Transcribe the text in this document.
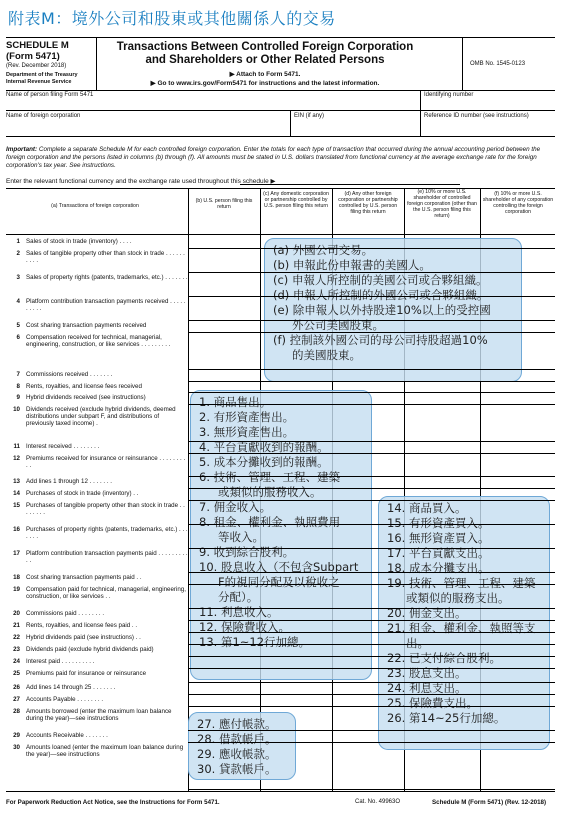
附表M：境外公司和股東或其他關係人的交易
SCHEDULE M
(Form 5471)
(Rev. December 2018)
Department of the Treasury
Internal Revenue Service
Transactions Between Controlled Foreign Corporation
and Shareholders or Other Related Persons
▶ Attach to Form 5471.
▶ Go to www.irs.gov/Form5471 for instructions and the latest information.
OMB No. 1545-0123
Name of person filing Form 5471	Identifying number
Name of foreign corporation	EIN (if any)	Reference ID number (see instructions)
Important: Complete a separate Schedule M for each controlled foreign corporation. Enter the totals for each type of transaction that occurred during the annual accounting period between the foreign corporation and the persons listed in columns (b) through (f). All amounts must be stated in U.S. dollars translated from functional currency at the average exchange rate for the foreign corporation's tax year. See instructions.
Enter the relevant functional currency and the exchange rate used throughout this schedule ▶
(a) Transactions of foreign corporation
(b) U.S. person filing this return
(c) Any domestic corporation or partnership controlled by U.S. person filing this return
(d) Any other foreign corporation or partnership controlled by U.S. person filing this return
(e) 10% or more U.S. shareholder of controlled foreign corporation (other than the U.S. person filing this return)
(f) 10% or more U.S. shareholder of any corporation controlling the foreign corporation
1 Sales of stock in trade (inventory) . . . .
2 Sales of tangible property other than stock in trade . . . . . . . . . .
3 Sales of property rights (patents, trademarks, etc.) . . . . . . .
4 Platform contribution transaction payments received . . . . . . . . . .
5 Cost sharing transaction payments received
6 Compensation received for technical, managerial, engineering, construction, or like services . . . . . . . . .
7 Commissions received . . . . . . .
8 Rents, royalties, and license fees received
9 Hybrid dividends received (see instructions)
10 Dividends received (exclude hybrid dividends, deemed distributions under subpart F, and distributions of previously taxed income) .
11 Interest received . . . . . . . .
12 Premiums received for insurance or reinsurance . . . . . . . . . .
13 Add lines 1 through 12 . . . . . . .
14 Purchases of stock in trade (inventory) . .
15 Purchases of tangible property other than stock in trade . . . . . . . .
16 Purchases of property rights (patents, trademarks, etc.) . . . . . . .
17 Platform contribution transaction payments paid . . . . . . . . . . .
18 Cost sharing transaction payments paid . .
19 Compensation paid for technical, managerial, engineering, construction, or like services . .
20 Commissions paid . . . . . . . .
21 Rents, royalties, and license fees paid . .
22 Hybrid dividends paid (see instructions) . .
23 Dividends paid (exclude hybrid dividends paid)
24 Interest paid . . . . . . . . . .
25 Premiums paid for insurance or reinsurance
26 Add lines 14 through 25 . . . . . . .
27 Accounts Payable . . . . . . . .
28 Amounts borrowed (enter the maximum loan balance during the year)—see instructions
29 Accounts Receivable . . . . . . .
30 Amounts loaned (enter the maximum loan balance during the year)—see instructions
For Paperwork Reduction Act Notice, see the Instructions for Form 5471.	Cat. No. 49963O	Schedule M (Form 5471) (Rev. 12-2018)
(a) 外國公司交易。
(b) 申報此份申報書的美國人。
(c) 申報人所控制的美國公司或合夥組織。
(d) 申報人所控制的外國公司或合夥組織。
(e) 除申報人以外持股達10%以上的受控國
外公司美國股東。
(f) 控制該外國公司的母公司持股超過10%
的美國股東。
1. 商品售出。
2. 有形資產售出。
3. 無形資產售出。
4. 平台貢獻收到的報酬。
5. 成本分攤收到的報酬。
6. 技術、管理、工程、建築
或類似的服務收入。
7. 佣金收入。
8. 租金、權利金、執照費用
等收入。
9. 收到綜合股利。
10. 股息收入（不包含Subpart
F的視同分配及以稅收之
分配）。
11. 利息收入。
12. 保險費收入。
13. 第1~12行加總。
14. 商品買入。
15. 有形資產買入。
16. 無形資產買入。
17. 平台貢獻支出。
18. 成本分攤支出。
19. 技術、管理、工程、建築
或類似的服務支出。
20. 佣金支出。
21. 租金、權利金、執照等支
出。
22. 已支付綜合股利。
23. 股息支出。
24. 利息支出。
25. 保險費支出。
26. 第14~25行加總。
27. 應付帳款。
28. 借款帳戶。
29. 應收帳款。
30. 貸款帳戶。
